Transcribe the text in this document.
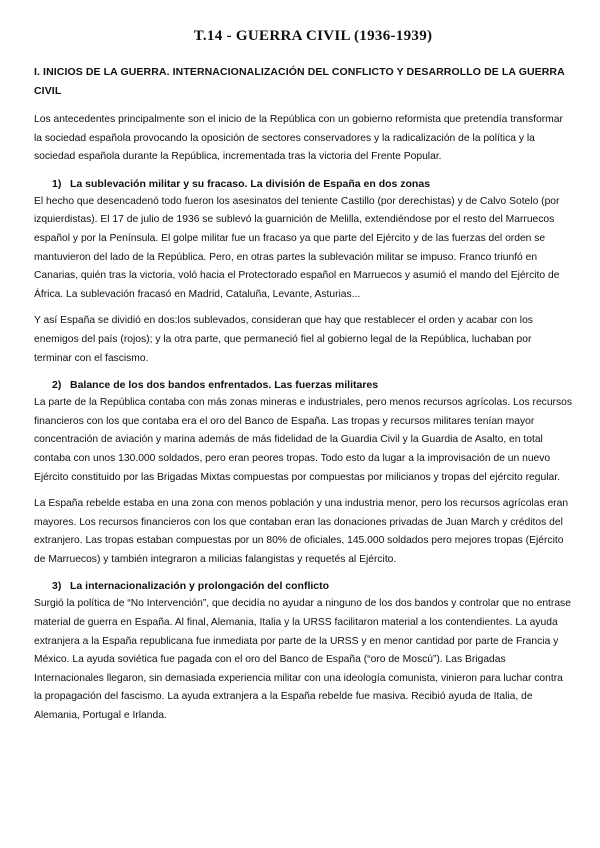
T.14 - GUERRA CIVIL (1936-1939)
I. INICIOS DE LA GUERRA. INTERNACIONALIZACIÓN DEL CONFLICTO Y DESARROLLO DE LA GUERRA CIVIL

Los antecedentes principalmente son el inicio de la República con un gobierno reformista que pretendía transformar la sociedad española provocando la oposición de sectores conservadores y la radicalización de la política y la sociedad española durante la República, incrementada tras la victoria del Frente Popular.

1) La sublevación militar y su fracaso. La división de España en dos zonas

El hecho que desencadenó todo fueron los asesinatos del teniente Castillo (por derechistas) y de Calvo Sotelo (por izquierdistas). El 17 de julio de 1936 se sublevó la guarnición de Melilla, extendiéndose por el resto del Marruecos español y por la Península. El golpe militar fue un fracaso ya que parte del Ejército y de las fuerzas del orden se mantuvieron del lado de la República. Pero, en otras partes la sublevación militar se impuso. Franco triunfó en Canarias, quién tras la victoria, voló hacia el Protectorado español en Marruecos y asumió el mando del Ejército de África. La sublevación fracasó en Madrid, Cataluña, Levante, Asturias...

Y así España se dividió en dos:los sublevados, consideran que hay que restablecer el orden y acabar con los enemigos del país (rojos); y la otra parte, que permaneció fiel al gobierno legal de la República, luchaban por terminar con el fascismo.

2) Balance de los dos bandos enfrentados. Las fuerzas militares

La parte de la República contaba con más zonas mineras e industriales, pero menos recursos agrícolas. Los recursos financieros con los que contaba era el oro del Banco de España. Las tropas y recursos militares tenían mayor concentración de aviación y marina además de más fidelidad de la Guardia Civil y la Guardia de Asalto, en total contaba con unos 130.000 soldados, pero eran peores tropas. Todo esto da lugar a la improvisación de un nuevo Ejército constituido por las Brigadas Mixtas compuestas por compuestas por milicianos y tropas del ejército regular.

La España rebelde estaba en una zona con menos población y una industria menor, pero los recursos agrícolas eran mayores. Los recursos financieros con los que contaban eran las donaciones privadas de Juan March y créditos del extranjero. Las tropas estaban compuestas por un 80% de oficiales, 145.000 soldados pero mejores tropas (Ejército de Marruecos) y también integraron a milicias falangistas y requetés al Ejército.

3) La internacionalización y prolongación del conflicto

Surgió la política de “No Intervención”, que decidía no ayudar a ninguno de los dos bandos y controlar que no entrase material de guerra en España. Al final, Alemania, Italia y la URSS facilitaron material a los contendientes. La ayuda extranjera a la España republicana fue inmediata por parte de la URSS y en menor cantidad por parte de Francia y México. La ayuda soviética fue pagada con el oro del Banco de España (“oro de Moscú”). Las Brigadas Internacionales llegaron, sin demasiada experiencia militar con una ideología comunista, vinieron para luchar contra la propagación del fascismo. La ayuda extranjera a la España rebelde fue masiva. Recibió ayuda de Italia, de Alemania, Portugal e Irlanda.
